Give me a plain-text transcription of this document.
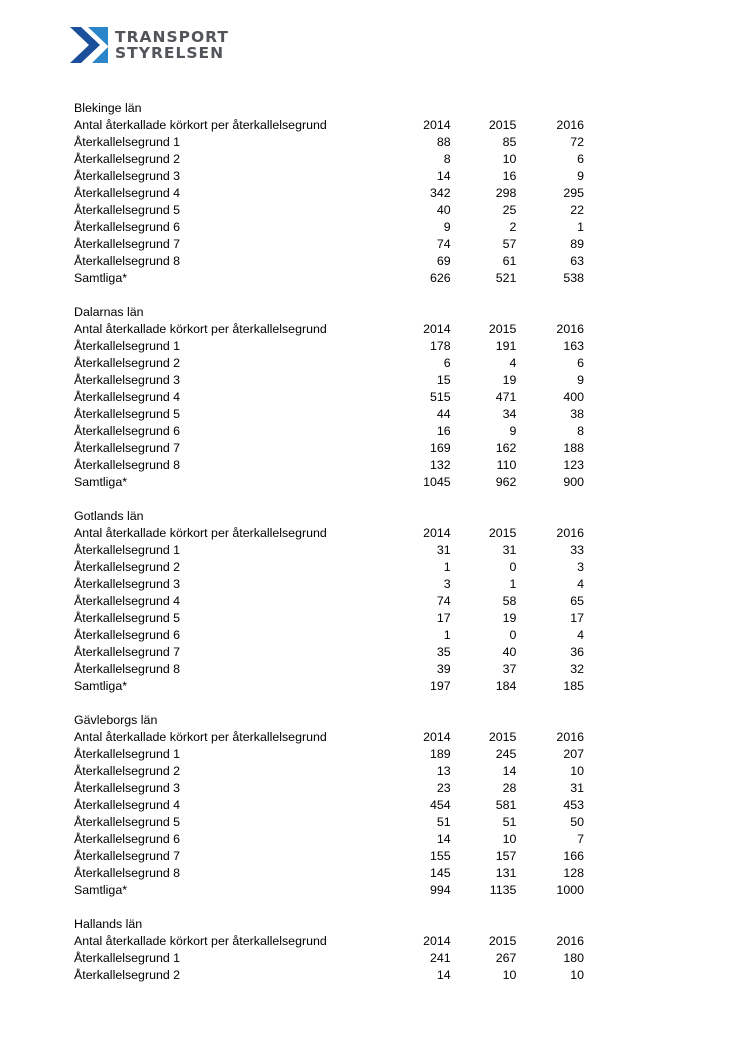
TRANSPORT
STYRELSEN
Blekinge län
Antal återkallade körkort per återkallelsegrund	2014	2015	2016
Återkallelsegrund 1	88	85	72
Återkallelsegrund 2	8	10	6
Återkallelsegrund 3	14	16	9
Återkallelsegrund 4	342	298	295
Återkallelsegrund 5	40	25	22
Återkallelsegrund 6	9	2	1
Återkallelsegrund 7	74	57	89
Återkallelsegrund 8	69	61	63
Samtliga*	626	521	538
Dalarnas län
Antal återkallade körkort per återkallelsegrund	2014	2015	2016
Återkallelsegrund 1	178	191	163
Återkallelsegrund 2	6	4	6
Återkallelsegrund 3	15	19	9
Återkallelsegrund 4	515	471	400
Återkallelsegrund 5	44	34	38
Återkallelsegrund 6	16	9	8
Återkallelsegrund 7	169	162	188
Återkallelsegrund 8	132	110	123
Samtliga*	1045	962	900
Gotlands län
Antal återkallade körkort per återkallelsegrund	2014	2015	2016
Återkallelsegrund 1	31	31	33
Återkallelsegrund 2	1	0	3
Återkallelsegrund 3	3	1	4
Återkallelsegrund 4	74	58	65
Återkallelsegrund 5	17	19	17
Återkallelsegrund 6	1	0	4
Återkallelsegrund 7	35	40	36
Återkallelsegrund 8	39	37	32
Samtliga*	197	184	185
Gävleborgs län
Antal återkallade körkort per återkallelsegrund	2014	2015	2016
Återkallelsegrund 1	189	245	207
Återkallelsegrund 2	13	14	10
Återkallelsegrund 3	23	28	31
Återkallelsegrund 4	454	581	453
Återkallelsegrund 5	51	51	50
Återkallelsegrund 6	14	10	7
Återkallelsegrund 7	155	157	166
Återkallelsegrund 8	145	131	128
Samtliga*	994	1135	1000
Hallands län
Antal återkallade körkort per återkallelsegrund	2014	2015	2016
Återkallelsegrund 1	241	267	180
Återkallelsegrund 2	14	10	10
